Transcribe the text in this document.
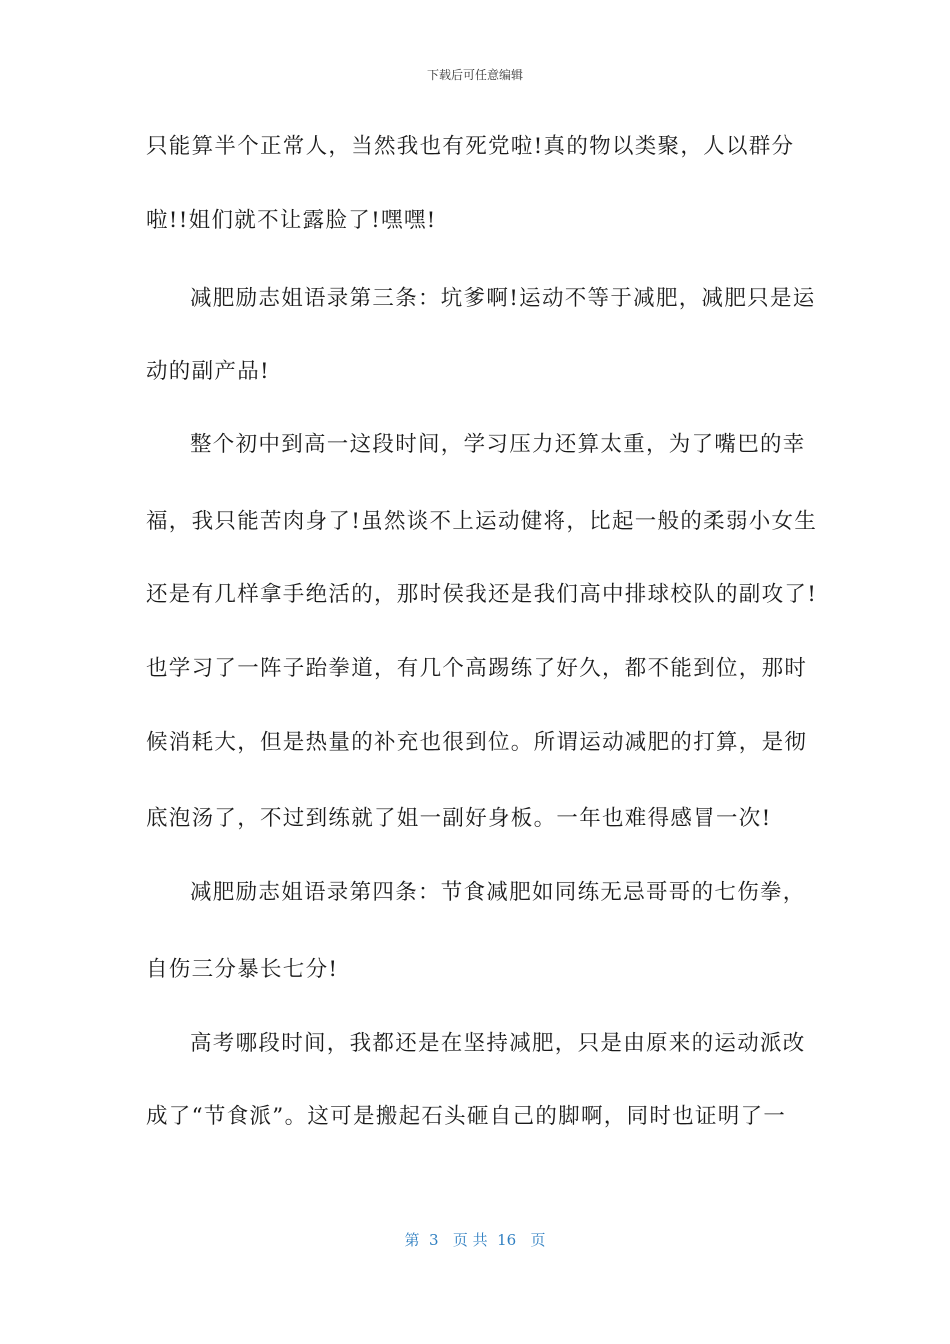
下载后可任意编辑
只能算半个正常人，当然我也有死党啦!真的物以类聚，人以群分
啦!!姐们就不让露脸了!嘿嘿!
减肥励志姐语录第三条：坑爹啊!运动不等于减肥，减肥只是运
动的副产品!
整个初中到高一这段时间，学习压力还算太重，为了嘴巴的幸
福，我只能苦肉身了!虽然谈不上运动健将，比起一般的柔弱小女生
还是有几样拿手绝活的，那时侯我还是我们高中排球校队的副攻了!
也学习了一阵子跆拳道，有几个高踢练了好久，都不能到位，那时
候消耗大，但是热量的补充也很到位。所谓运动减肥的打算，是彻
底泡汤了，不过到练就了姐一副好身板。一年也难得感冒一次!
减肥励志姐语录第四条：节食减肥如同练无忌哥哥的七伤拳，
自伤三分暴长七分!
高考哪段时间，我都还是在坚持减肥，只是由原来的运动派改
成了“节食派”。这可是搬起石头砸自己的脚啊，同时也证明了一
第  3   页 共  16   页
